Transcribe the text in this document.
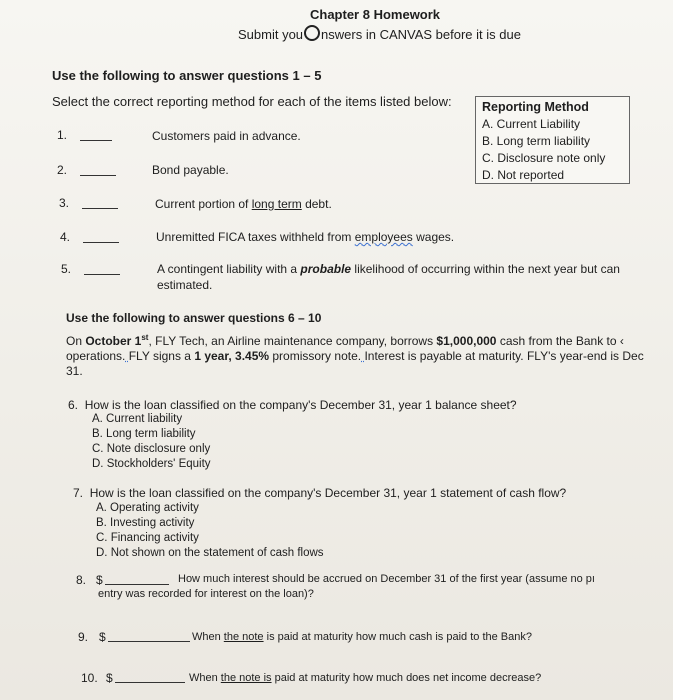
Chapter 8 Homework
Submit you○nswers in CANVAS before it is due
Use the following to answer questions 1 – 5
Select the correct reporting method for each of the items listed below: Reporting Method
A. Current Liability
B. Long term liability
C. Disclosure note only
D. Not reported
1.	Customers paid in advance.
2.	Bond payable.
3.	Current portion of long term debt.
4.	Unremitted FICA taxes withheld from employees wages.
5.	A contingent liability with a probable likelihood of occurring within the next year but can
estimated.
Use the following to answer questions 6 – 10
On October 1st, FLY Tech, an Airline maintenance company, borrows $1,000,000 cash from the Bank to ‹
operations. FLY signs a 1 year, 3.45% promissory note. Interest is payable at maturity. FLY's year-end is Dec
31.
6. How is the loan classified on the company's December 31, year 1 balance sheet?
A. Current liability
B. Long term liability
C. Note disclosure only
D. Stockholders' Equity
7. How is the loan classified on the company's December 31, year 1 statement of cash flow?
A. Operating activity
B. Investing activity
C. Financing activity
D. Not shown on the statement of cash flows
8. $	How much interest should be accrued on December 31 of the first year (assume no pı
entry was recorded for interest on the loan)?
9. $	When the note is paid at maturity how much cash is paid to the Bank?
10. $	When the note is paid at maturity how much does net income decrease?
